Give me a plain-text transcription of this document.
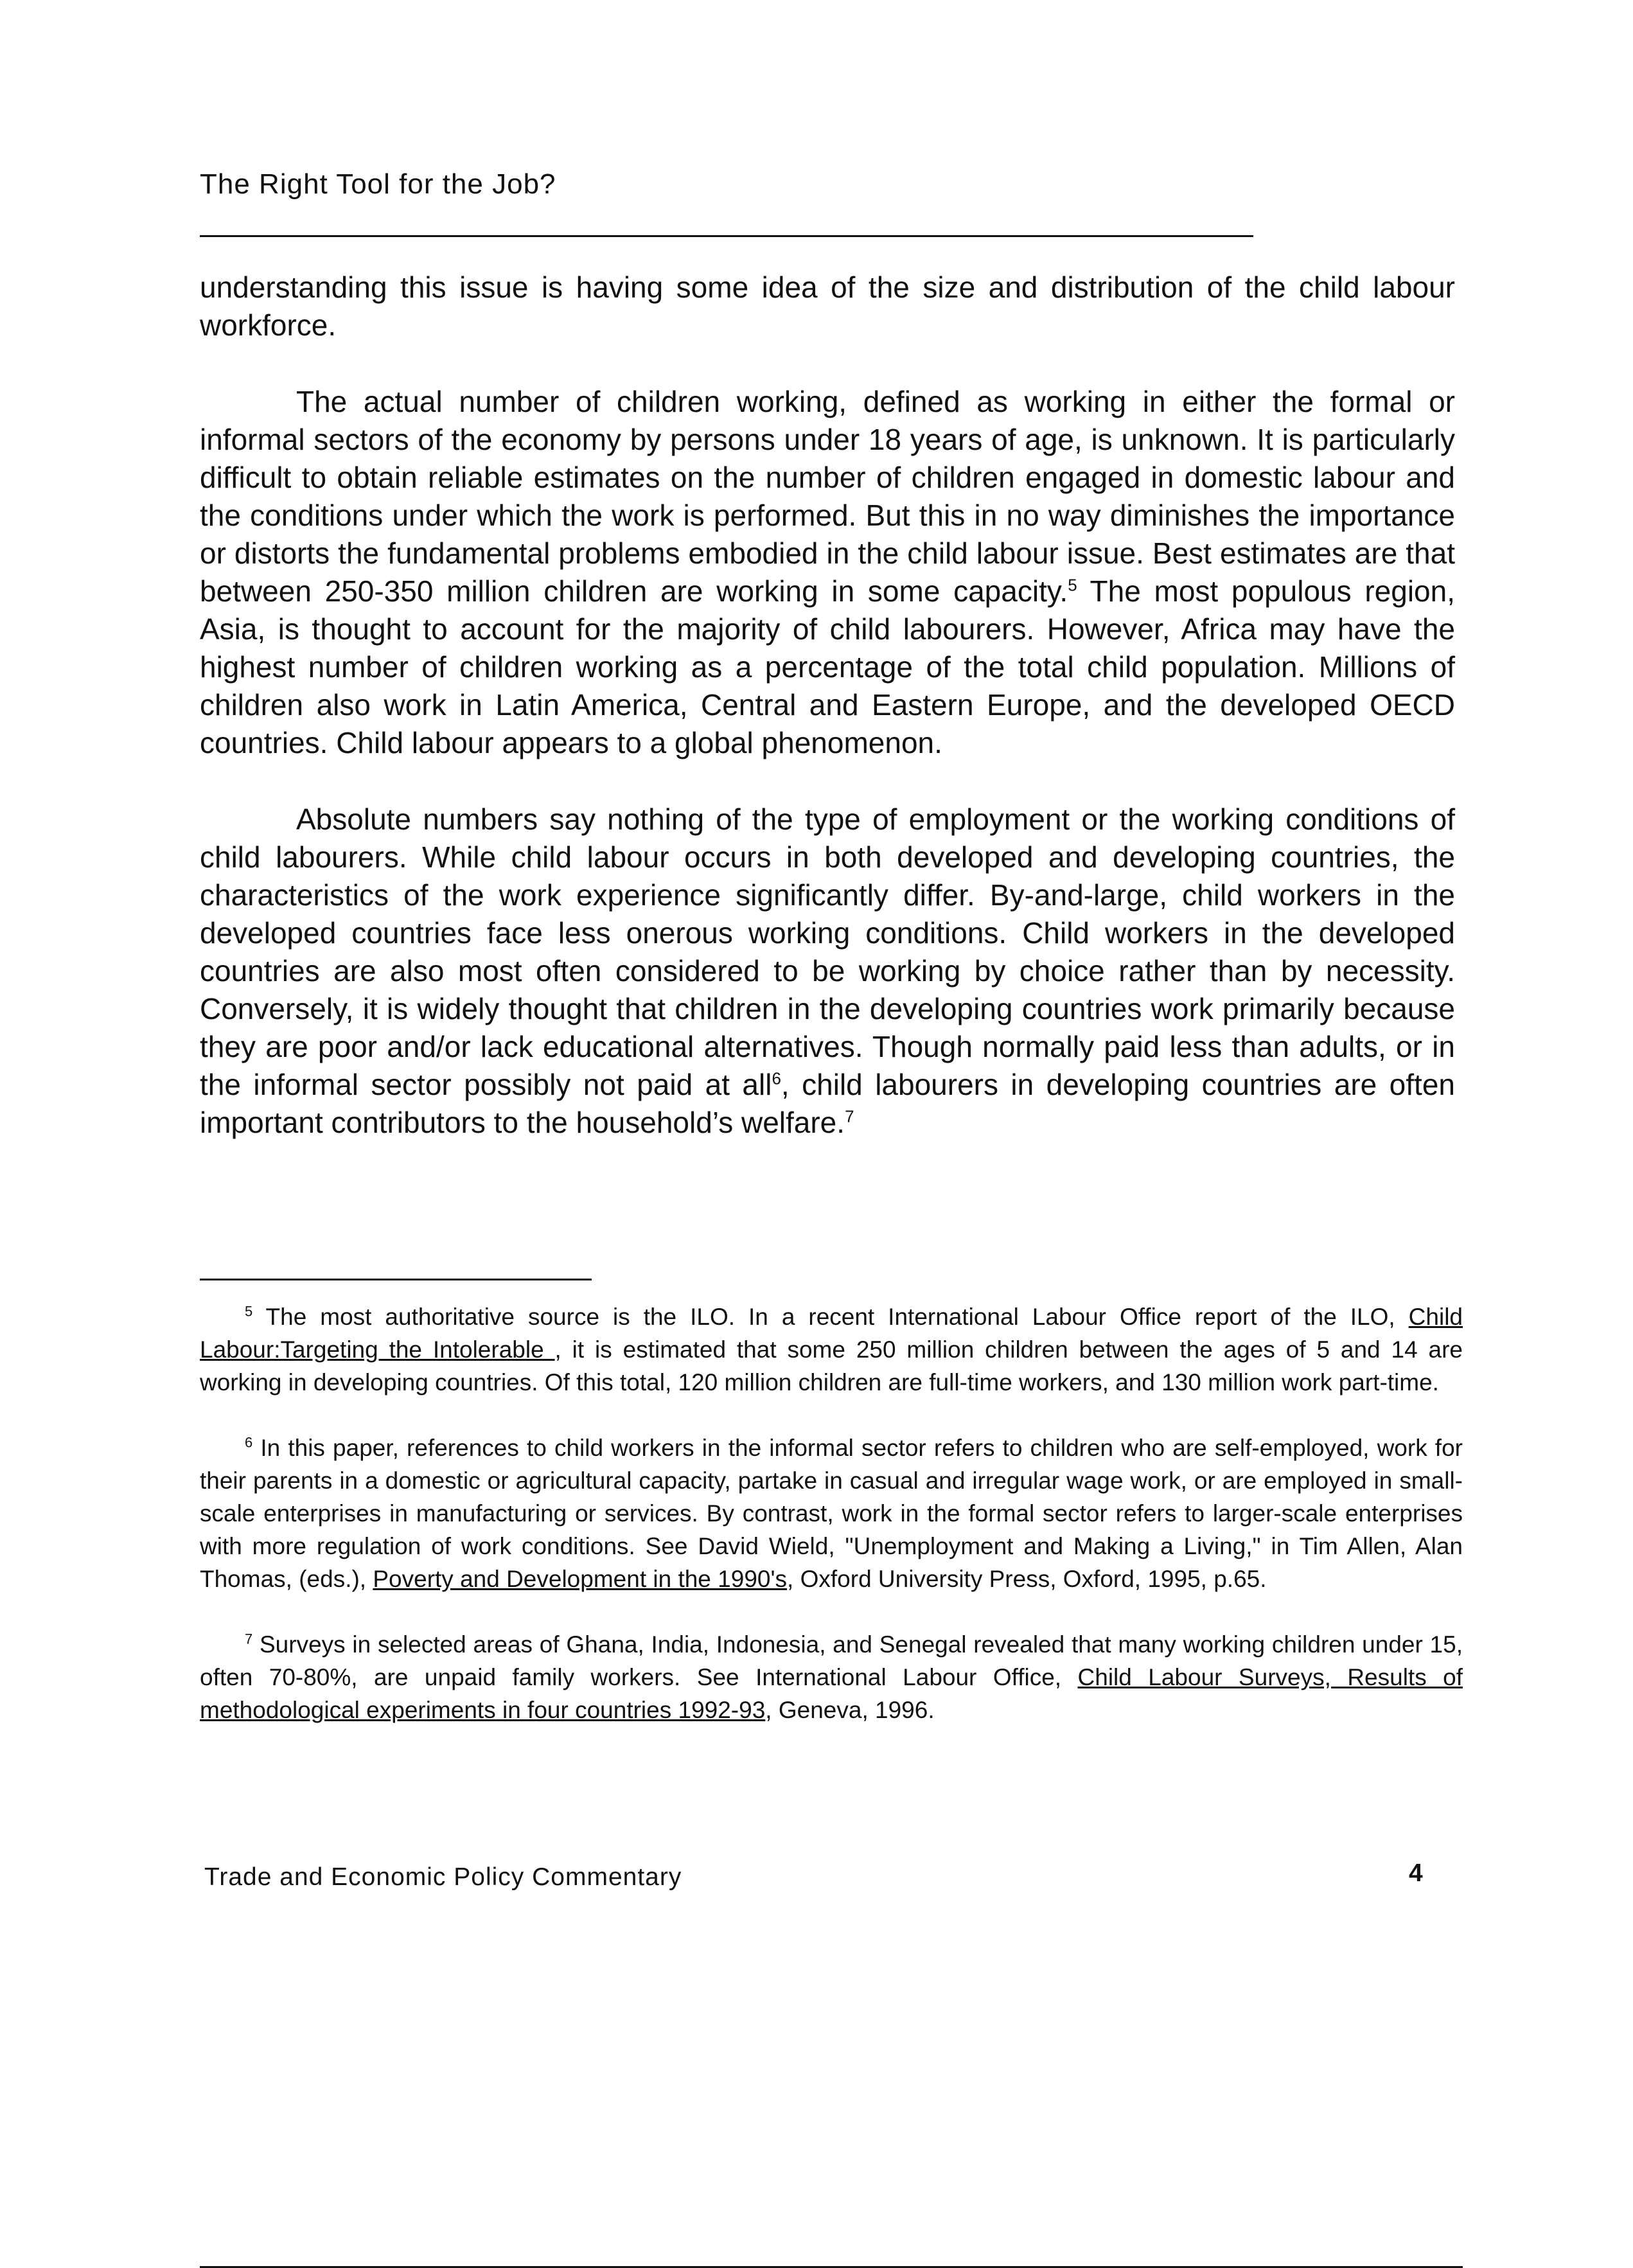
The Right Tool for the Job?

understanding this issue is having some idea of the size and distribution of the child labour workforce.

The actual number of children working, defined as working in either the formal or informal sectors of the economy by persons under 18 years of age, is unknown. It is particularly difficult to obtain reliable estimates on the number of children engaged in domestic labour and the conditions under which the work is performed. But this in no way diminishes the importance or distorts the fundamental problems embodied in the child labour issue. Best estimates are that between 250-350 million children are working in some capacity.$^5$ The most populous region, Asia, is thought to account for the majority of child labourers. However, Africa may have the highest number of children working as a percentage of the total child population. Millions of children also work in Latin America, Central and Eastern Europe, and the developed OECD countries. Child labour appears to a global phenomenon.

Absolute numbers say nothing of the type of employment or the working conditions of child labourers. While child labour occurs in both developed and developing countries, the characteristics of the work experience significantly differ. By-and-large, child workers in the developed countries face less onerous working conditions. Child workers in the developed countries are also most often considered to be working by choice rather than by necessity. Conversely, it is widely thought that children in the developing countries work primarily because they are poor and/or lack educational alternatives. Though normally paid less than adults, or in the informal sector possibly not paid at all$^6$, child labourers in developing countries are often important contributors to the household’s welfare.$^7$

$^5$ The most authoritative source is the ILO. In a recent International Labour Office report of the ILO, Child Labour:Targeting the Intolerable , it is estimated that some 250 million children between the ages of 5 and 14 are working in developing countries. Of this total, 120 million children are full-time workers, and 130 million work part-time.

$^6$ In this paper, references to child workers in the informal sector refers to children who are self-employed, work for their parents in a domestic or agricultural capacity, partake in casual and irregular wage work, or are employed in small-scale enterprises in manufacturing or services. By contrast, work in the formal sector refers to larger-scale enterprises with more regulation of work conditions. See David Wield, "Unemployment and Making a Living," in Tim Allen, Alan Thomas, (eds.), Poverty and Development in the 1990's, Oxford University Press, Oxford, 1995, p.65.

$^7$ Surveys in selected areas of Ghana, India, Indonesia, and Senegal revealed that many working children under 15, often 70-80%, are unpaid family workers. See International Labour Office, Child Labour Surveys, Results of methodological experiments in four countries 1992-93, Geneva, 1996.

Trade and Economic Policy Commentary	4
